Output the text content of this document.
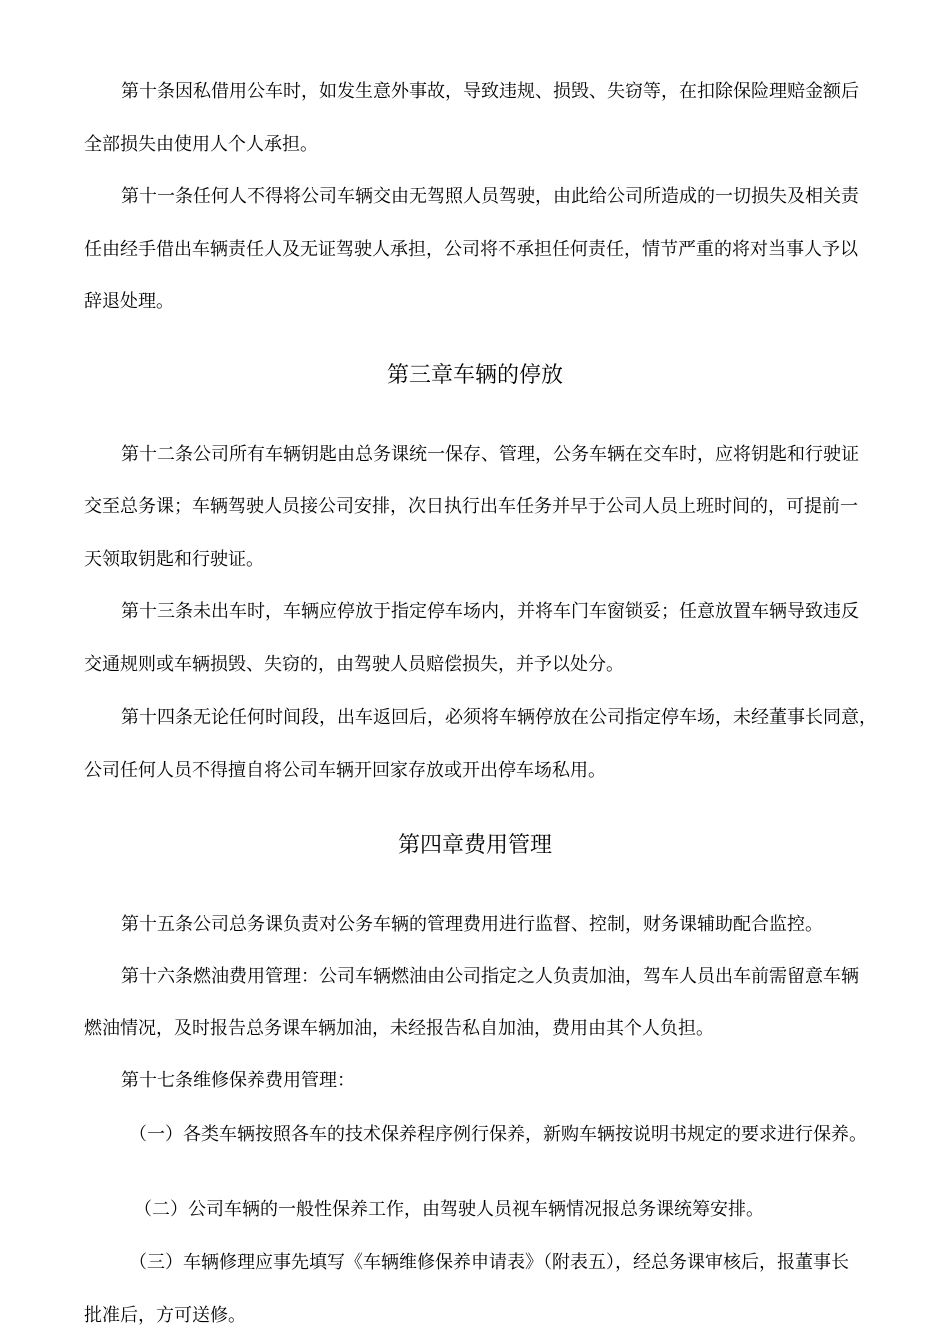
第十条因私借用公车时，如发生意外事故，导致违规、损毁、失窃等，在扣除保险理赔金额后
全部损失由使用人个人承担。
第十一条任何人不得将公司车辆交由无驾照人员驾驶，由此给公司所造成的一切损失及相关责
任由经手借出车辆责任人及无证驾驶人承担，公司将不承担任何责任，情节严重的将对当事人予以
辞退处理。
第三章车辆的停放
第十二条公司所有车辆钥匙由总务课统一保存、管理，公务车辆在交车时，应将钥匙和行驶证
交至总务课；车辆驾驶人员接公司安排，次日执行出车任务并早于公司人员上班时间的，可提前一
天领取钥匙和行驶证。
第十三条未出车时，车辆应停放于指定停车场内，并将车门车窗锁妥；任意放置车辆导致违反
交通规则或车辆损毁、失窃的，由驾驶人员赔偿损失，并予以处分。
第十四条无论任何时间段，出车返回后，必须将车辆停放在公司指定停车场，未经董事长同意，
公司任何人员不得擅自将公司车辆开回家存放或开出停车场私用。
第四章费用管理
第十五条公司总务课负责对公务车辆的管理费用进行监督、控制，财务课辅助配合监控。
第十六条燃油费用管理：公司车辆燃油由公司指定之人负责加油，驾车人员出车前需留意车辆
燃油情况，及时报告总务课车辆加油，未经报告私自加油，费用由其个人负担。
第十七条维修保养费用管理：
（一）各类车辆按照各车的技术保养程序例行保养，新购车辆按说明书规定的要求进行保养。
（二）公司车辆的一般性保养工作，由驾驶人员视车辆情况报总务课统筹安排。
（三）车辆修理应事先填写《车辆维修保养申请表》（附表五），经总务课审核后，报董事长
批准后，方可送修。
